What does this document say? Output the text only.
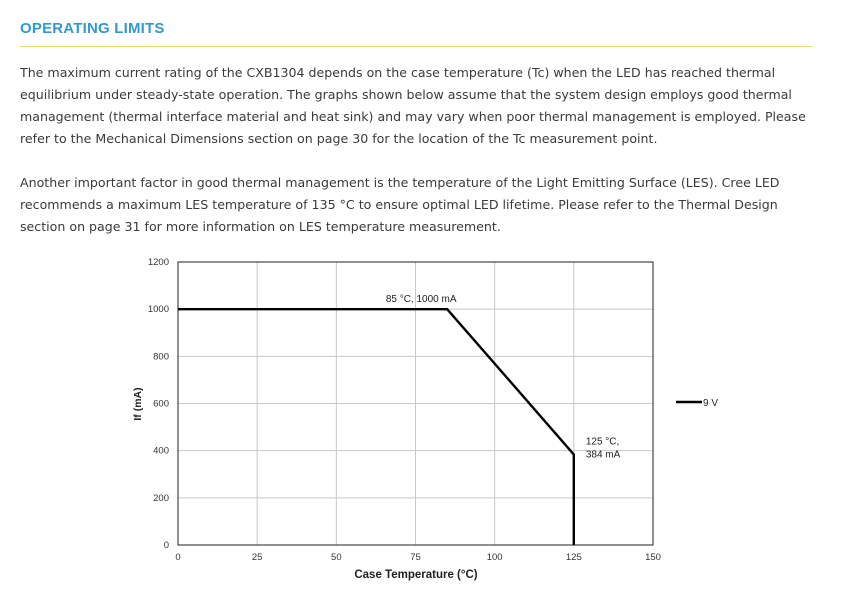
OPERATING LIMITS

The maximum current rating of the CXB1304 depends on the case temperature (Tc) when the LED has reached thermal equilibrium under steady-state operation. The graphs shown below assume that the system design employs good thermal management (thermal interface material and heat sink) and may vary when poor thermal management is employed. Please refer to the Mechanical Dimensions section on page 30 for the location of the Tc measurement point.

Another important factor in good thermal management is the temperature of the Light Emitting Surface (LES). Cree LED recommends a maximum LES temperature of 135 °C to ensure optimal LED lifetime. Please refer to the Thermal Design section on page 31 for more information on LES temperature measurement.

0	25	50	75	100	125	150
0
200
400
600
800
1000
1200
85 °C, 1000 mA
125 °C,
384 mA
Case Temperature (°C)
If (mA)	9 V
